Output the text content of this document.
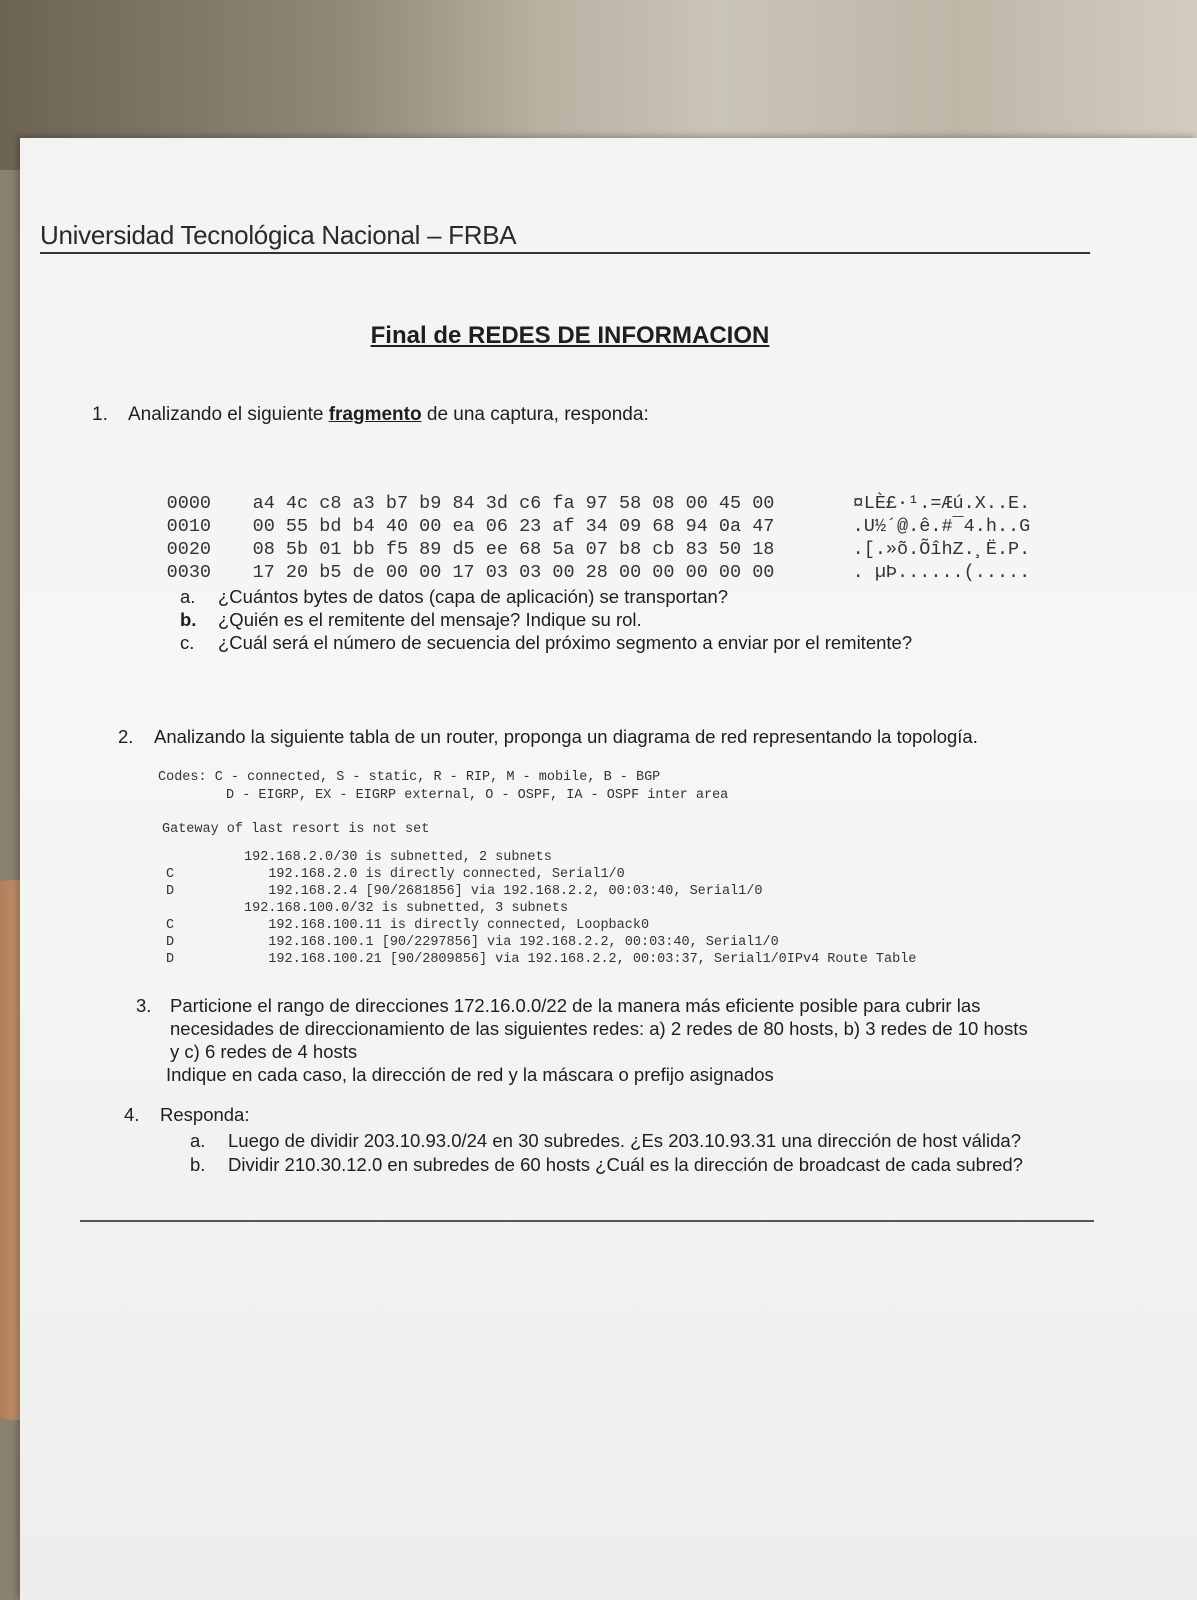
Universidad Tecnológica Nacional – FRBA
Final de REDES DE INFORMACION
1. Analizando el siguiente fragmento de una captura, responda:

0000 a4 4c c8 a3 b7 b9 84 3d c6 fa 97 58 08 00 45 00	¤LÈ£·¹.=Æú.X..E.

0010 00 55 bd b4 40 00 ea 06 23 af 34 09 68 94 0a 47	.U½´@.ê.#¯4.h..G

0020 08 5b 01 bb f5 89 d5 ee 68 5a 07 b8 cb 83 50 18	.[.»õ.ÕîhZ.¸Ë.P.

0030 17 20 b5 de 00 00 17 03 03 00 28 00 00 00 00 00	. µÞ......(.....

a. ¿Cuántos bytes de datos (capa de aplicación) se transportan?
b. ¿Quién es el remitente del mensaje? Indique su rol.
c. ¿Cuál será el número de secuencia del próximo segmento a enviar por el remitente?
2. Analizando la siguiente tabla de un router, proponga un diagrama de red representando la topología.
Codes: C - connected, S - static, R - RIP, M - mobile, B - BGP
D - EIGRP, EX - EIGRP external, O - OSPF, IA - OSPF inter area
Gateway of last resort is not set
192.168.2.0/30 is subnetted, 2 subnets
C	192.168.2.0 is directly connected, Serial1/0
D	192.168.2.4 [90/2681856] via 192.168.2.2, 00:03:40, Serial1/0
192.168.100.0/32 is subnetted, 3 subnets
C	192.168.100.11 is directly connected, Loopback0
D	192.168.100.1 [90/2297856] via 192.168.2.2, 00:03:40, Serial1/0
D	192.168.100.21 [90/2809856] via 192.168.2.2, 00:03:37, Serial1/0IPv4 Route Table
3. Particione el rango de direcciones 172.16.0.0/22 de la manera más eficiente posible para cubrir las
necesidades de direccionamiento de las siguientes redes: a) 2 redes de 80 hosts, b) 3 redes de 10 hosts
y c) 6 redes de 4 hosts
Indique en cada caso, la dirección de red y la máscara o prefijo asignados
4. Responda:
a. Luego de dividir 203.10.93.0/24 en 30 subredes. ¿Es 203.10.93.31 una dirección de host válida?
b. Dividir 210.30.12.0 en subredes de 60 hosts ¿Cuál es la dirección de broadcast de cada subred?
